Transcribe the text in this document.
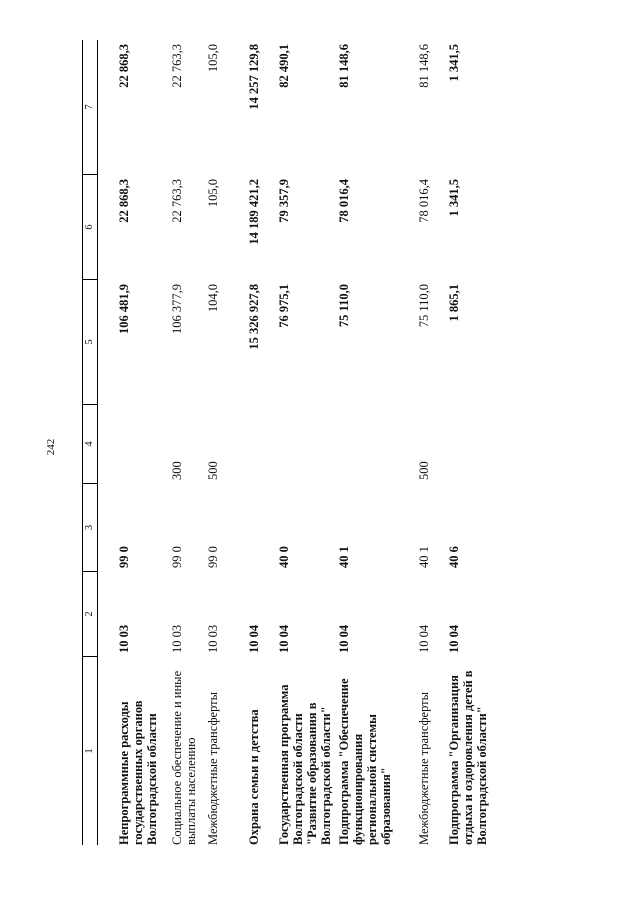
242
1
2
3
4
5
6
7
Непрограммные расходы государственных органов Волгоградской области
10 03
99 0
106 481,9
22 868,3
22 868,3
Социальное обеспечение и иные выплаты населению
10 03
99 0
300
106 377,9
22 763,3
22 763,3
Межбюджетные трансферты
10 03
99 0
500
104,0
105,0
105,0
Охрана семьи и детства
10 04
15 326 927,8
14 189 421,2
14 257 129,8
Государственная программа Волгоградской области "Развитие образования в Волгоградской области"
10 04
40 0
76 975,1
79 357,9
82 490,1
Подпрограмма "Обеспечение функционирования региональной системы образования"
10 04
40 1
75 110,0
78 016,4
81 148,6
Межбюджетные трансферты
10 04
40 1
500
75 110,0
78 016,4
81 148,6
Подпрограмма "Организация отдыха и оздоровления детей в Волгоградской области"
10 04
40 6
1 865,1
1 341,5
1 341,5
